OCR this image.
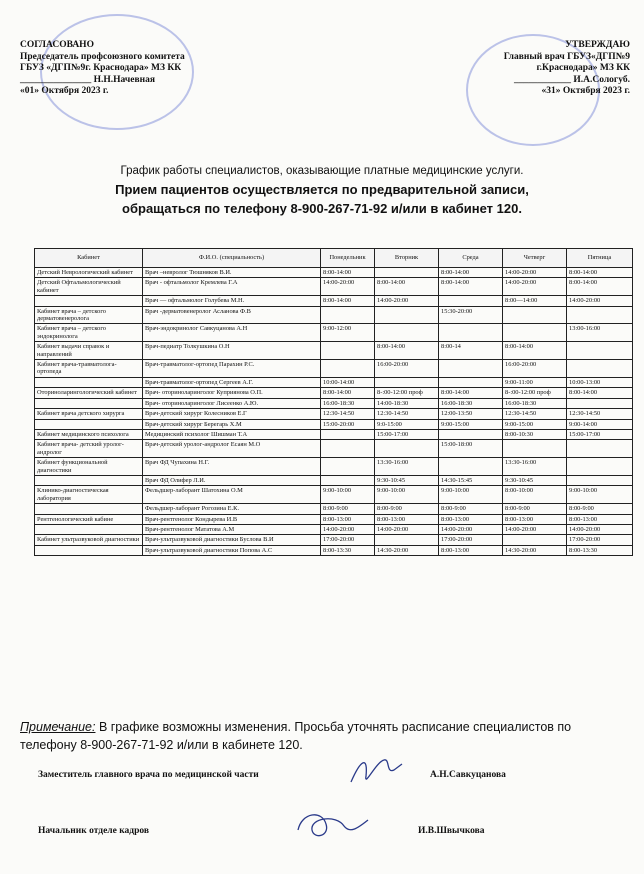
СОГЛАСОВАНО
Председатель профсоюзного комитета
ГБУЗ «ДГП№9г. Краснодара» МЗ КК
_______________ Н.Н.Начевная
«01» Октября 2023 г.
УТВЕРЖДАЮ
Главный врач ГБУЗ«ДГП№9
г.Краснодара» МЗ КК
____________ И.А.Сологуб.
«31» Октября 2023 г.
График работы специалистов, оказывающие платные медицинские услуги.
Прием пациентов осуществляется по предварительной записи,
обращаться по телефону 8-900-267-71-92 и/или в кабинет 120.
Кабинет	Ф.И.О. (специальность)	Понедельник	Вторник	Среда	Четверг	Пятница
Детский Неврологический кабинет	Врач –невролог Тюшняков В.И.	8:00-14:00		8:00-14:00	14:00-20:00	8:00-14:00
Детский Офтальмологический кабинет	Врач - офтальмолог Кремлева Г.А	14:00-20:00	8:00-14:00	8:00-14:00	14:00-20:00	8:00-14:00
	Врач — офтальмолог Голубева М.Н.	8:00-14:00	14:00-20:00		8:00—14:00	14:00-20:00
Кабинет врача – детского дерматовенеролога	Врач -дерматовенеролог Асланова Ф.В			15:30-20:00		
Кабинет врача – детского эндокринолога	Врач-эндокринолог Савкуцанова А.Н	9:00-12:00				13:00-16:00
Кабинет выдачи справок и направлений	Врач-педиатр Толкушкина О.Н		8:00-14:00	8:00-14	8:00-14:00	
Кабинет врача-травматолога-ортопеда	Врач-травматолог-ортопед Парахин Р.С.		16:00-20:00		16:00-20:00	
	Врач-травматолог-ортопед Сергеев А.Г.	10:00-14:00			9:00-11:00	10:00-13:00
Оториноларингологический кабинет	Врач- оториноларинголог Куприянова О.П.	8:00-14:00	8-:00-12:00 проф	8:00-14:00	8-:00-12:00 проф	8:00-14:00
	Врач- оториноларинголог Лисеенко А.Ю.	16:00-18:30	14:00-18:30	16:00-18:30	16:00-18:30	
Кабинет врача детского хирурга	Врач-детский хирург Колесников Е.Г	12:30-14:50	12:30-14:50	12:00-13:50	12:30-14:50	12:30-14:50
	Врач-детский хирург Берегарь Х.М	15:00-20:00	9:0-15:00	9:00-15:00	9:00-15:00	9:00-14:00
Кабинет медицинского психолога	Медицинский психолог Шишман Т.А		15:00-17:00		8:00-10:30	15:00-17:00
Кабинет врача- детский уролог-андролог	Врач-детский уролог-андролог Есаян М.О			15:00-18:00		
Кабинет функциональной диагностики	Врач ФД Чупахина Н.Г.		13:30-16:00		13:30-16:00	
	Врач ФД Олифер Л.И.		9:30-10:45	14:30-15:45	9:30-10:45	
Клинико-диагностическая лаборатория	Фельдшер-лаборант Шатохина О.М	9:00-10:00	9:00-10:00	9:00-10:00	8:00-10:00	9:00-10:00
	Фельдшер-лаборант Рогозина Е.К.	8:00-9:00	8:00-9:00	8:00-9:00	8:00-9:00	8:00-9:00
Рентгенологический кабине	Врач-рентгенолог Кондырева И.В	8:00-13:00	8:00-13:00	8:00-13:00	8:00-13:00	8:00-13:00
	Врач-рентгенолог Мататова А.М	14:00-20:00	14:00-20:00	14:00-20:00	14:00-20:00	14:00-20:00
Кабинет ультразвуковой диагностики	Врач-ультразвуковой диагностики Буслова В.И	17:00-20:00		17:00-20:00		17:00-20:00
	Врач-ультразвуковой диагностики Попова А.С	8:00-13:30	14:30-20:00	8:00-13:00	14:30-20:00	8:00-13:30
Примечание: В графике возможны изменения. Просьба уточнять расписание специалистов по телефону 8-900-267-71-92 и/или в кабинете 120.
Заместитель главного врача по медицинской части	А.Н.Савкуцанова
Начальник отделе кадров	И.В.Швычкова
